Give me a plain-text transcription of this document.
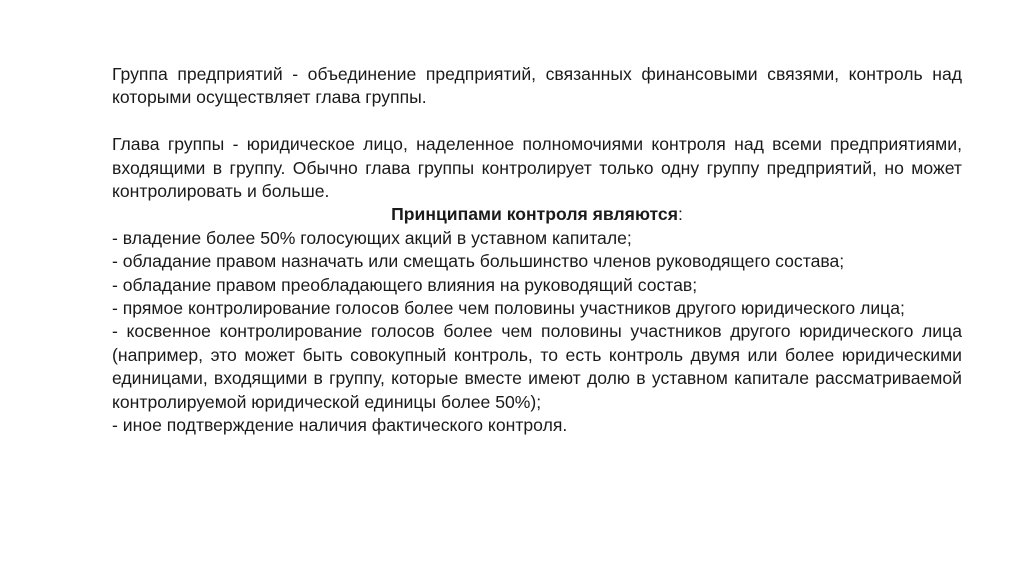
Группа предприятий - объединение предприятий, связанных финансовыми связями, контроль над которыми осуществляет глава группы.

Глава группы - юридическое лицо, наделенное полномочиями контроля над всеми предприятиями, входящими в группу. Обычно глава группы контролирует только одну группу предприятий, но может контролировать и больше.

Принципами контроля являются:

- владение более 50% голосующих акций в уставном капитале;
- обладание правом назначать или смещать большинство членов руководящего состава;
- обладание правом преобладающего влияния на руководящий состав;
- прямое контролирование голосов более чем половины участников другого юридического лица;
- косвенное контролирование голосов более чем половины участников другого юридического лица (например, это может быть совокупный контроль, то есть контроль двумя или более юридическими единицами, входящими в группу, которые вместе имеют долю в уставном капитале рассматриваемой контролируемой юридической единицы более 50%);
- иное подтверждение наличия фактического контроля.
